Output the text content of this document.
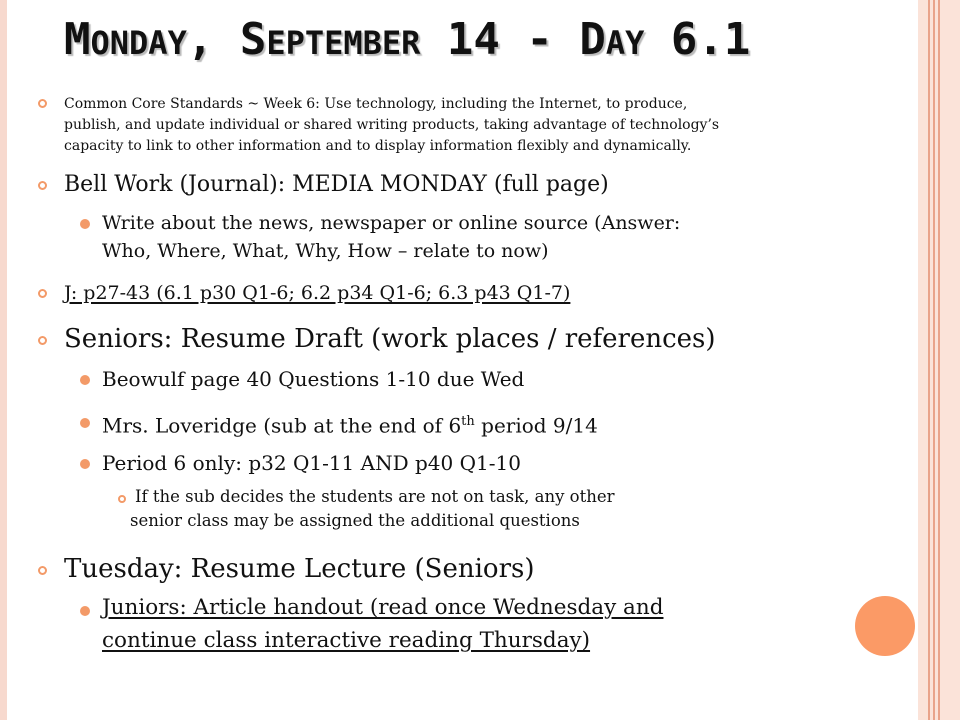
MONDAY, SEPTEMBER 14 - DAY 6.1
Common Core Standards ~ Week 6: Use technology, including the Internet, to produce,
publish, and update individual or shared writing products, taking advantage of technology’s
capacity to link to other information and to display information flexibly and dynamically.
Bell Work (Journal): MEDIA MONDAY (full page)
Write about the news, newspaper or online source (Answer:
Who, Where, What, Why, How – relate to now)
J: p27-43 (6.1 p30 Q1-6; 6.2 p34 Q1-6; 6.3 p43 Q1-7)
Seniors: Resume Draft (work places / references)
Beowulf page 40 Questions 1-10 due Wed
Mrs. Loveridge (sub at the end of 6th period 9/14
Period 6 only: p32 Q1-11 AND p40 Q1-10
If the sub decides the students are not on task, any other
senior class may be assigned the additional questions
Tuesday: Resume Lecture (Seniors)
Juniors: Article handout (read once Wednesday and
continue class interactive reading Thursday)
